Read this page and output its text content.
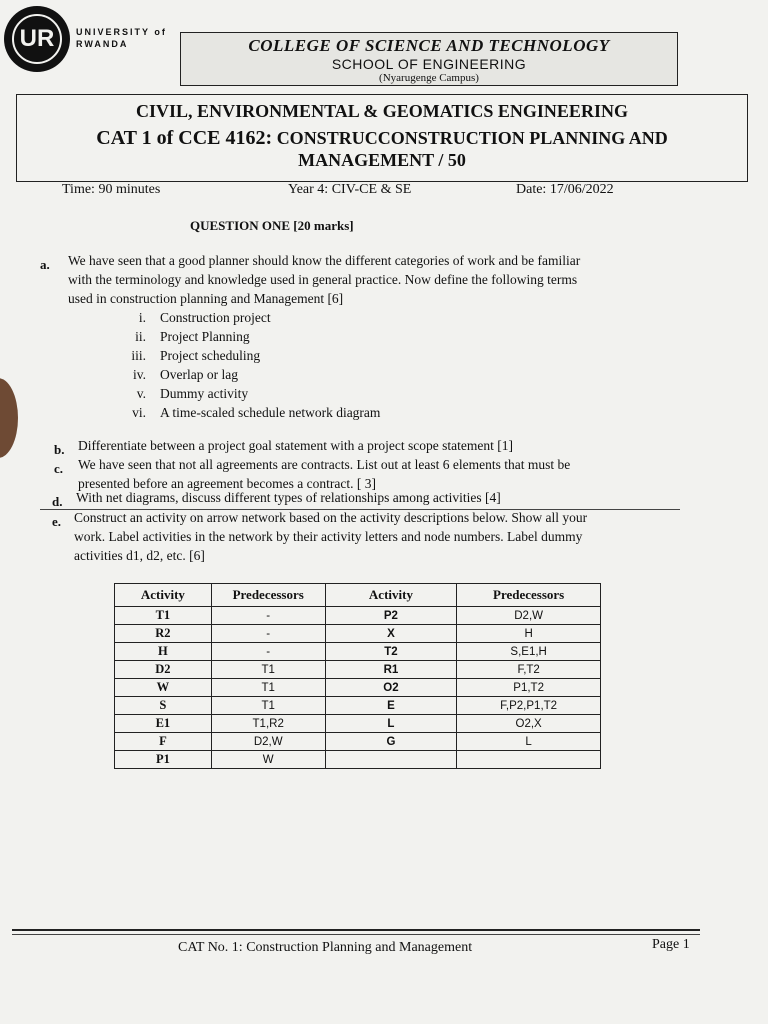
UR	UNIVERSITY of
RWANDA	COLLEGE OF SCIENCE AND TECHNOLOGY
SCHOOL OF ENGINEERING
(Nyarugenge Campus)
CIVIL, ENVIRONMENTAL & GEOMATICS ENGINEERING
CAT 1 of CCE 4162: CONSTRUCCONSTRUCTION PLANNING AND
MANAGEMENT / 50
Time: 90 minutes	Year 4: CIV-CE & SE	Date: 17/06/2022
QUESTION ONE [20 marks]
a. We have seen that a good planner should know the different categories of work and be familiar
with the terminology and knowledge used in general practice. Now define the following terms
used in construction planning and Management [6]
i. Construction project
ii. Project Planning
iii. Project scheduling
iv. Overlap or lag
v. Dummy activity
vi. A time-scaled schedule network diagram
b. Differentiate between a project goal statement with a project scope statement [1]
c. We have seen that not all agreements are contracts. List out at least 6 elements that must be
presented before an agreement becomes a contract. [ 3]
d. With net diagrams, discuss different types of relationships among activities [4]
e. Construct an activity on arrow network based on the activity descriptions below. Show all your
work. Label activities in the network by their activity letters and node numbers. Label dummy
activities d1, d2, etc. [6]
Activity	Predecessors	Activity	Predecessors
T1	-	P2	D2,W
R2	-	X	H
H	-	T2	S,E1,H
D2	T1	R1	F,T2
W	T1	O2	P1,T2
S	T1	E	F,P2,P1,T2
E1	T1,R2	L	O2,X
F	D2,W	G	L
P1	W		
CAT No. 1: Construction Planning and Management	Page 1
